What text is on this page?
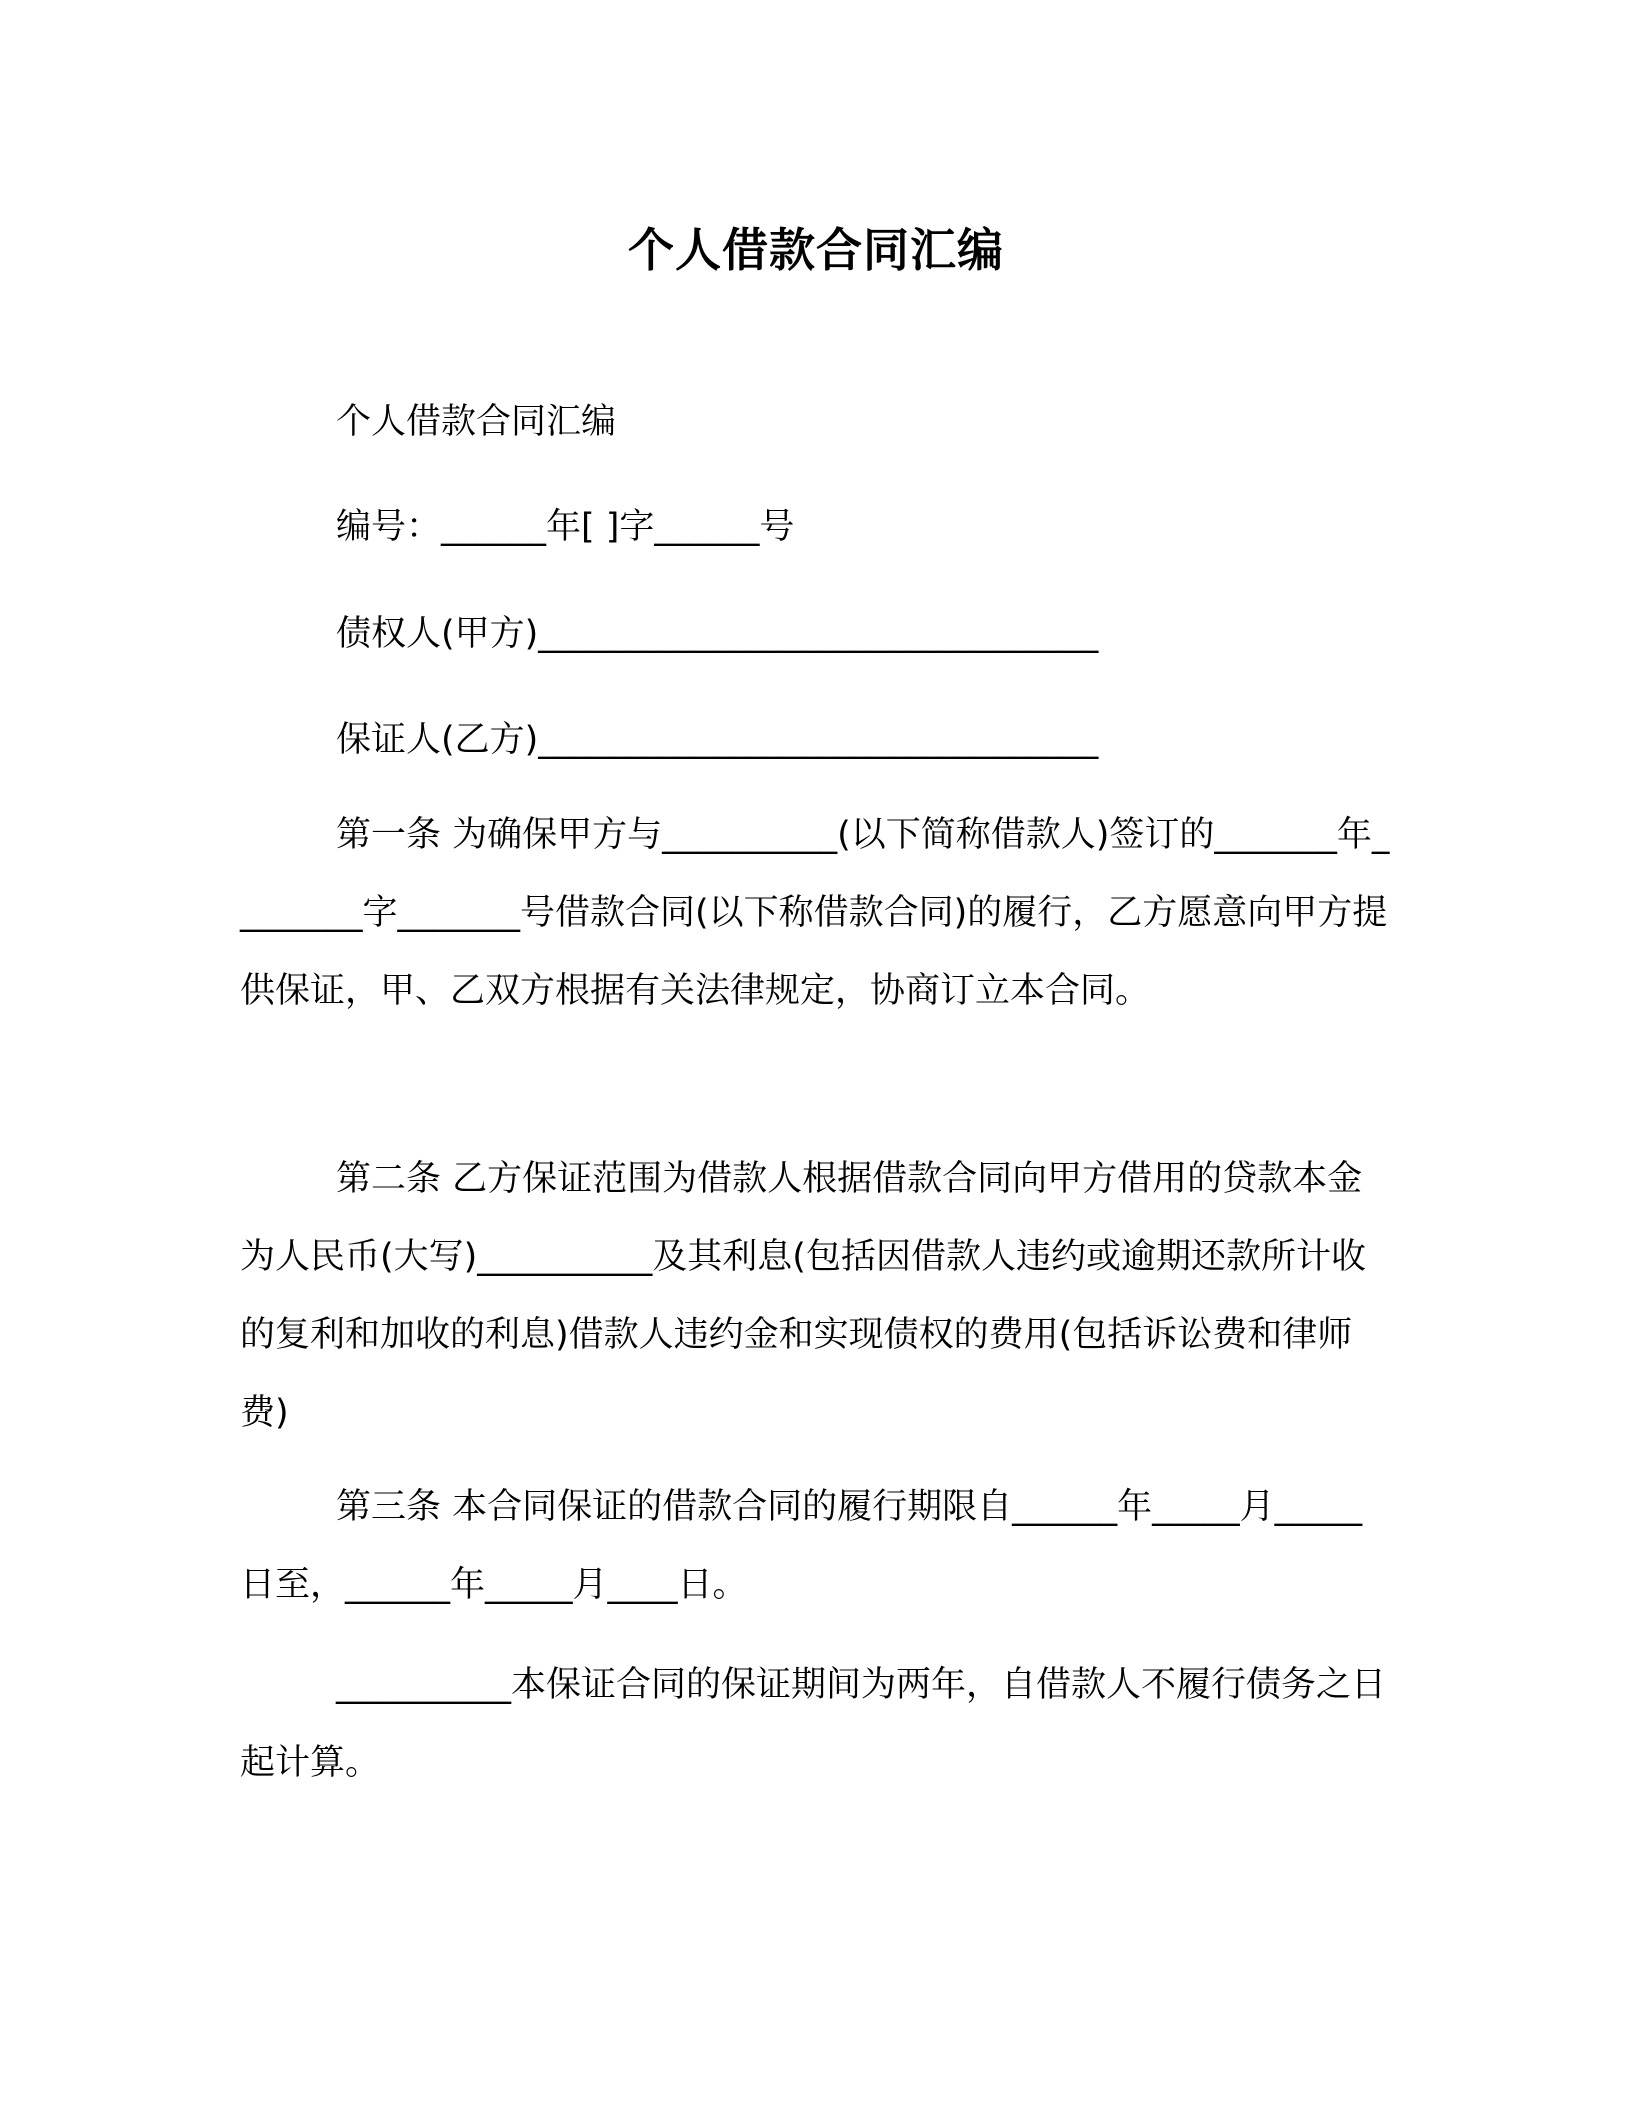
个人借款合同汇编
个人借款合同汇编
编号：______年[ ]字______号
债权人(甲方)________________________________
保证人(乙方)________________________________

第一条 为确保甲方与__________(以下简称借款人)签订的_______年________字_______号借款合同(以下称借款合同)的履行，乙方愿意向甲方提供保证，甲、乙双方根据有关法律规定，协商订立本合同。

第二条 乙方保证范围为借款人根据借款合同向甲方借用的贷款本金为人民币(大写)__________及其利息(包括因借款人违约或逾期还款所计收的复利和加收的利息)借款人违约金和实现债权的费用(包括诉讼费和律师费)

第三条 本合同保证的借款合同的履行期限自______年_____月_____日至，______年_____月____日。

__________本保证合同的保证期间为两年，自借款人不履行债务之日起计算。
